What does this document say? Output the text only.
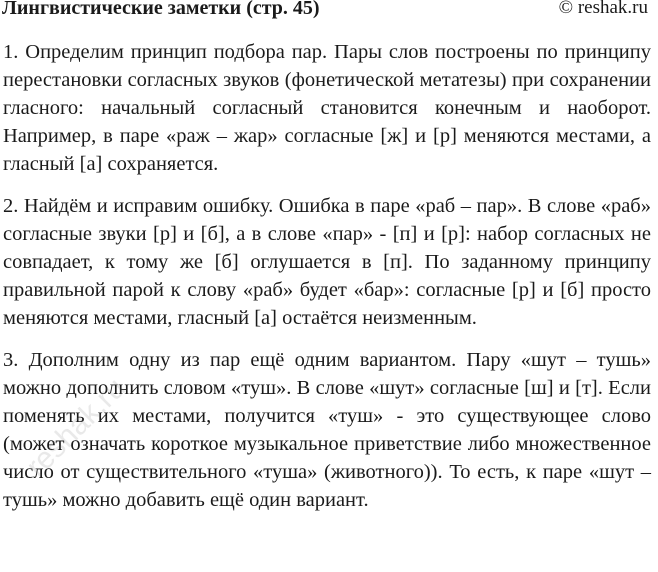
Лингвистические заметки (стр. 45)	© reshak.ru

1. Определим принцип подбора пар. Пары слов построены по принципу перестановки согласных звуков (фонетической метатезы) при сохранении гласного: начальный согласный становится конечным и наоборот. Например, в паре «раж – жар» согласные [ж] и [р] меняются местами, а гласный [а] сохраняется.

2. Найдём и исправим ошибку. Ошибка в паре «раб – пар». В слове «раб» согласные звуки [р] и [б], а в слове «пар» - [п] и [р]: набор согласных не совпадает, к тому же [б] оглушается в [п]. По заданному принципу правильной парой к слову «раб» будет «бар»: согласные [р] и [б] просто меняются местами, гласный [а] остаётся неизменным.

3. Дополним одну из пар ещё одним вариантом. Пару «шут – тушь» можно дополнить словом «туш». В слове «шут» согласные [ш] и [т]. Если поменять их местами, получится «туш» - это существующее слово (может означать короткое музыкальное приветствие либо множественное число от существительного «туша» (животного)). То есть, к паре «шут – тушь» можно добавить ещё один вариант.

reshak.ru
